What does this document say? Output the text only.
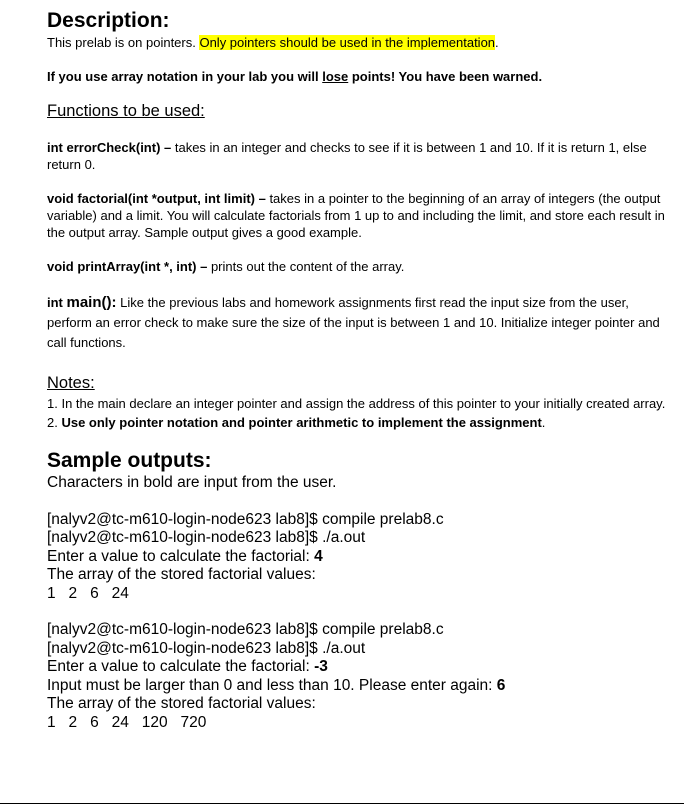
Description:
This prelab is on pointers. Only pointers should be used in the implementation.
If you use array notation in your lab you will lose points! You have been warned.
Functions to be used:
int errorCheck(int) – takes in an integer and checks to see if it is between 1 and 10. If it is return 1, else return 0.
void factorial(int *output, int limit) – takes in a pointer to the beginning of an array of integers (the output variable) and a limit. You will calculate factorials from 1 up to and including the limit, and store each result in the output array. Sample output gives a good example.
void printArray(int *, int) – prints out the content of the array.
int main(): Like the previous labs and homework assignments first read the input size from the user, perform an error check to make sure the size of the input is between 1 and 10. Initialize integer pointer and call functions.
Notes:
1. In the main declare an integer pointer and assign the address of this pointer to your initially created array.
2. Use only pointer notation and pointer arithmetic to implement the assignment.
Sample outputs:
Characters in bold are input from the user.
[nalyv2@tc-m610-login-node623 lab8]$ compile prelab8.c
[nalyv2@tc-m610-login-node623 lab8]$ ./a.out
Enter a value to calculate the factorial: 4
The array of the stored factorial values:
1   2   6   24
[nalyv2@tc-m610-login-node623 lab8]$ compile prelab8.c
[nalyv2@tc-m610-login-node623 lab8]$ ./a.out
Enter a value to calculate the factorial: -3
Input must be larger than 0 and less than 10. Please enter again: 6
The array of the stored factorial values:
1   2   6   24   120   720
